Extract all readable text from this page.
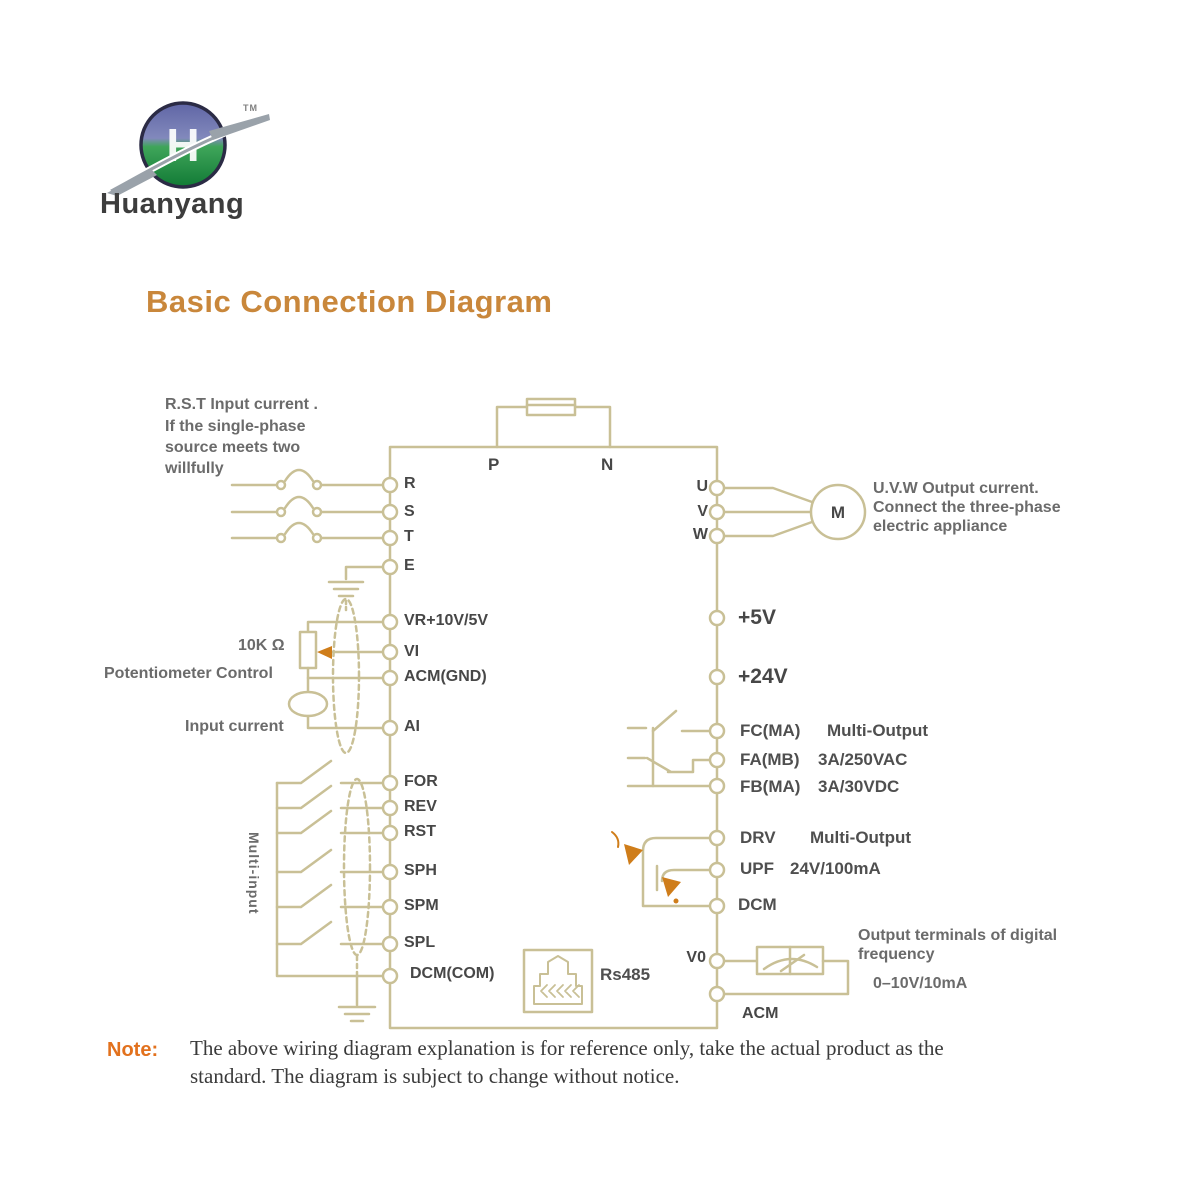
H
TM
Huanyang
Basic Connection Diagram
R.S.T Input current .
If the single-phase
source meets two
willfully
U.V.W Output current.
Connect the three-phase
electric appliance
10K Ω
Potentiometer Control
Input current
Multi-input
P	N
R
S
T
E
VR+10V/5V
VI
ACM(GND)
AI
FOR
REV
RST
SPH
SPM
SPL
DCM(COM)
U
V
W
M
+5V
+24V
FC(MA) Multi-Output
FA(MB) 3A/250VAC
FB(MA) 3A/30VDC
DRV Multi-Output
UPF 24V/100mA
DCM
V0
ACM
Rs485
Output terminals of digital
frequency
0–10V/10mA
Note: The above wiring diagram explanation is for reference only, take the actual product as the
standard. The diagram is subject to change without notice.
